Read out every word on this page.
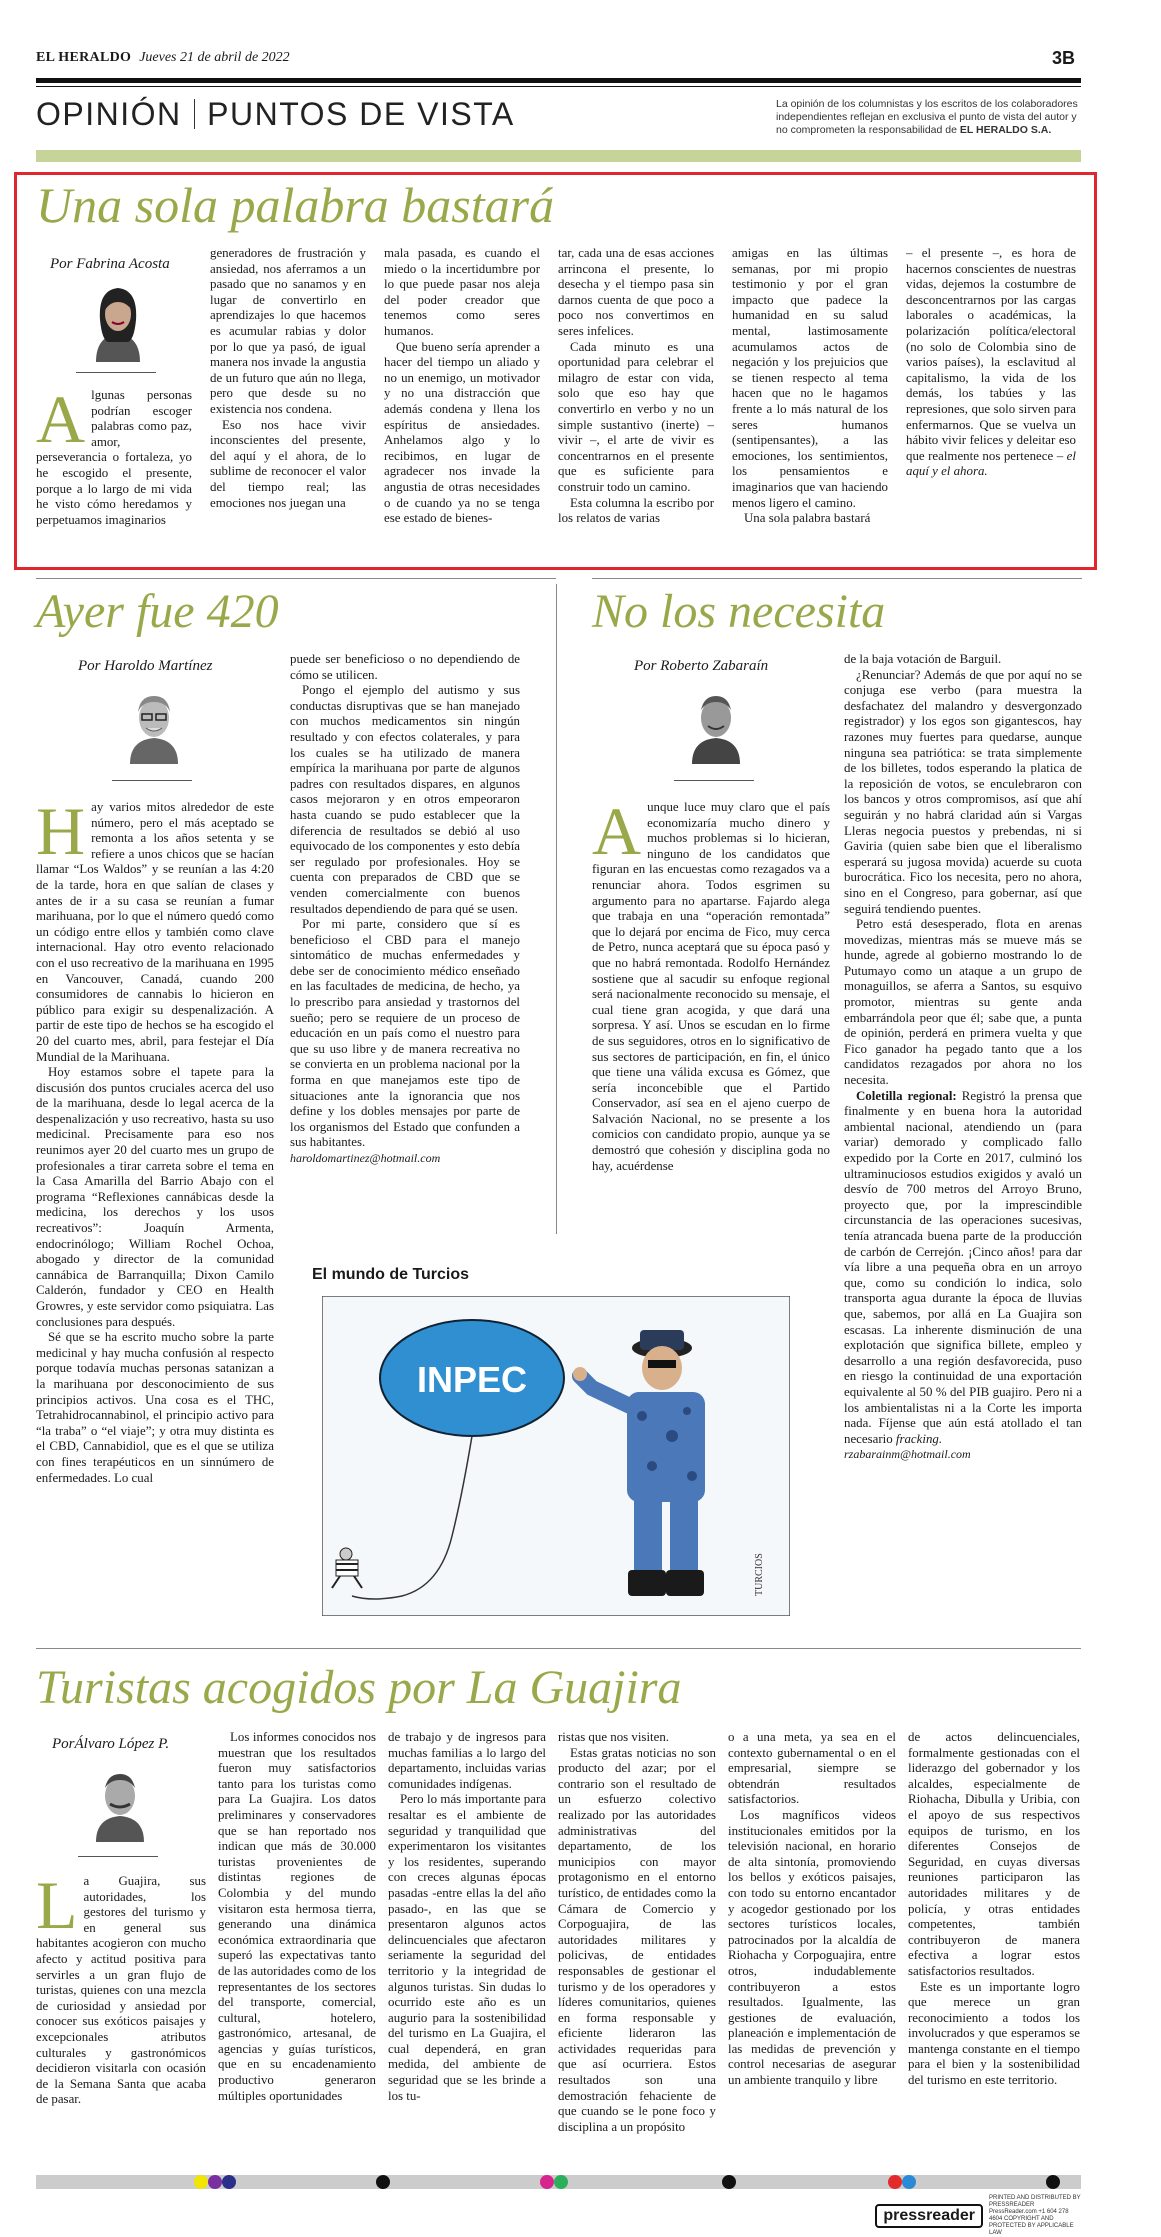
EL HERALDO Jueves 21 de abril de 2022	3B
OPINIÓN PUNTOS DE VISTA	La opinión de los columnistas y los escritos de los colaboradores independientes reflejan en exclusiva el punto de vista del autor y no comprometen la responsabilidad de EL HERALDO S.A.
Una sola palabra bastará
Por Fabrina Acosta

Algunas personas podrían escoger palabras como paz, amor, perseverancia o fortaleza, yo he escogido el presente, porque a lo largo de mi vida he visto cómo heredamos y perpetuamos imaginarios

generadores de frustración y ansiedad, nos aferramos a un pasado que no sanamos y en lugar de convertirlo en aprendizajes lo que hacemos es acumular rabias y dolor por lo que ya pasó, de igual manera nos invade la angustia de un futuro que aún no llega, pero que desde su no existencia nos condena.

Eso nos hace vivir inconscientes del presente, del aquí y el ahora, de lo sublime de reconocer el valor del tiempo real; las emociones nos juegan una

mala pasada, es cuando el miedo o la incertidumbre por lo que puede pasar nos aleja del poder creador que tenemos como seres humanos.

Que bueno sería aprender a hacer del tiempo un aliado y no un enemigo, un motivador y no una distracción que además condena y llena los espíritus de ansiedades. Anhelamos algo y lo recibimos, en lugar de agradecer nos invade la angustia de otras necesidades o de cuando ya no se tenga ese estado de bienes-

tar, cada una de esas acciones arrincona el presente, lo desecha y el tiempo pasa sin darnos cuenta de que poco a poco nos convertimos en seres infelices.

Cada minuto es una oportunidad para celebrar el milagro de estar con vida, solo que eso hay que convertirlo en verbo y no un simple sustantivo (inerte) – vivir –, el arte de vivir es concentrarnos en el presente que es suficiente para construir todo un camino.

Esta columna la escribo por los relatos de varias

amigas en las últimas semanas, por mi propio testimonio y por el gran impacto que padece la humanidad en su salud mental, lastimosamente acumulamos actos de negación y los prejuicios que se tienen respecto al tema hacen que no le hagamos frente a lo más natural de los seres humanos (sentipensantes), a las emociones, los sentimientos, los pensamientos e imaginarios que van haciendo menos ligero el camino.

Una sola palabra bastará

– el presente –, es hora de hacernos conscientes de nuestras vidas, dejemos la costumbre de desconcentrarnos por las cargas laborales o académicas, la polarización política/electoral (no solo de Colombia sino de varios países), la esclavitud al capitalismo, la vida de los demás, los tabúes y las represiones, que solo sirven para enfermarnos. Que se vuelva un hábito vivir felices y deleitar eso que realmente nos pertenece – el aquí y el ahora.

Ayer fue 420
Por Haroldo Martínez

Hay varios mitos alrededor de este número, pero el más aceptado se remonta a los años setenta y se refiere a unos chicos que se hacían llamar “Los Waldos” y se reunían a las 4:20 de la tarde, hora en que salían de clases y antes de ir a su casa se reunían a fumar marihuana, por lo que el número quedó como un código entre ellos y también como clave internacional. Hay otro evento relacionado con el uso recreativo de la marihuana en 1995 en Vancouver, Canadá, cuando 200 consumidores de cannabis lo hicieron en público para exigir su despenalización. A partir de este tipo de hechos se ha escogido el 20 del cuarto mes, abril, para festejar el Día Mundial de la Marihuana.

Hoy estamos sobre el tapete para la discusión dos puntos cruciales acerca del uso de la marihuana, desde lo legal acerca de la despenalización y uso recreativo, hasta su uso medicinal. Precisamente para eso nos reunimos ayer 20 del cuarto mes un grupo de profesionales a tirar carreta sobre el tema en la Casa Amarilla del Barrio Abajo con el programa “Reflexiones cannábicas desde la medicina, los derechos y los usos recreativos”: Joaquín Armenta, endocrinólogo; William Rochel Ochoa, abogado y director de la comunidad cannábica de Barranquilla; Dixon Camilo Calderón, fundador y CEO en Health Growres, y este servidor como psiquiatra. Las conclusiones para después.

Sé que se ha escrito mucho sobre la parte medicinal y hay mucha confusión al respecto porque todavía muchas personas satanizan a la marihuana por desconocimiento de sus principios activos. Una cosa es el THC, Tetrahidrocannabinol, el principio activo para “la traba” o “el viaje”; y otra muy distinta es el CBD, Cannabidiol, que es el que se utiliza con fines terapéuticos en un sinnúmero de enfermedades. Lo cual

puede ser beneficioso o no dependiendo de cómo se utilicen.

Pongo el ejemplo del autismo y sus conductas disruptivas que se han manejado con muchos medicamentos sin ningún resultado y con efectos colaterales, y para los cuales se ha utilizado de manera empírica la marihuana por parte de algunos padres con resultados dispares, en algunos casos mejoraron y en otros empeoraron hasta cuando se pudo establecer que la diferencia de resultados se debió al uso equivocado de los componentes y esto debía ser regulado por profesionales. Hoy se cuenta con preparados de CBD que se venden comercialmente con buenos resultados dependiendo de para qué se usen.

Por mi parte, considero que sí es beneficioso el CBD para el manejo sintomático de muchas enfermedades y debe ser de conocimiento médico enseñado en las facultades de medicina, de hecho, ya lo prescribo para ansiedad y trastornos del sueño; pero se requiere de un proceso de educación en un país como el nuestro para que su uso libre y de manera recreativa no se convierta en un problema nacional por la forma en que manejamos este tipo de situaciones ante la ignorancia que nos define y los dobles mensajes por parte de los organismos del Estado que confunden a sus habitantes.

haroldomartinez@hotmail.com

El mundo de Turcios
INPEC
TURCIOS
No los necesita
Por Roberto Zabaraín

Aunque luce muy claro que el país economizaría mucho dinero y muchos problemas si lo hicieran, ninguno de los candidatos que figuran en las encuestas como rezagados va a renunciar ahora. Todos esgrimen su argumento para no apartarse. Fajardo alega que trabaja en una “operación remontada” que lo dejará por encima de Fico, muy cerca de Petro, nunca aceptará que su época pasó y que no habrá remontada. Rodolfo Hernández sostiene que al sacudir su enfoque regional será nacionalmente reconocido su mensaje, el cual tiene gran acogida, y que dará una sorpresa. Y así. Unos se escudan en lo firme de sus seguidores, otros en lo significativo de sus sectores de participación, en fin, el único que tiene una válida excusa es Gómez, que sería inconcebible que el Partido Conservador, así sea en el ajeno cuerpo de Salvación Nacional, no se presente a los comicios con candidato propio, aunque ya se demostró que cohesión y disciplina goda no hay, acuérdense

de la baja votación de Barguil.

¿Renunciar? Además de que por aquí no se conjuga ese verbo (para muestra la desfachatez del malandro y desvergonzado registrador) y los egos son gigantescos, hay razones muy fuertes para quedarse, aunque ninguna sea patriótica: se trata simplemente de los billetes, todos esperando la platica de la reposición de votos, se enculebraron con los bancos y otros compromisos, así que ahí seguirán y no habrá claridad aún si Vargas Lleras negocia puestos y prebendas, ni si Gaviria (quien sabe bien que el liberalismo esperará su jugosa movida) acuerde su cuota burocrática. Fico los necesita, pero no ahora, sino en el Congreso, para gobernar, así que seguirá tendiendo puentes.

Petro está desesperado, flota en arenas movedizas, mientras más se mueve más se hunde, agrede al gobierno mostrando lo de Putumayo como un ataque a un grupo de monaguillos, se aferra a Santos, su esquivo promotor, mientras su gente anda embarrándola peor que él; sabe que, a punta de opinión, perderá en primera vuelta y que Fico ganador ha pegado tanto que a los candidatos rezagados por ahora no los necesita.

Coletilla regional: Registró la prensa que finalmente y en buena hora la autoridad ambiental nacional, atendiendo un (para variar) demorado y complicado fallo expedido por la Corte en 2017, culminó los ultraminuciosos estudios exigidos y avaló un desvío de 700 metros del Arroyo Bruno, proyecto que, por la imprescindible circunstancia de las operaciones sucesivas, tenía atrancada buena parte de la producción de carbón de Cerrejón. ¡Cinco años! para dar vía libre a una pequeña obra en un arroyo que, como su condición lo indica, solo transporta agua durante la época de lluvias que, sabemos, por allá en La Guajira son escasas. La inherente disminución de una explotación que significa billete, empleo y desarrollo a una región desfavorecida, puso en riesgo la continuidad de una exportación equivalente al 50 % del PIB guajiro. Pero ni a los ambientalistas ni a la Corte les importa nada. Fíjense que aún está atollado el tan necesario fracking.

rzabarainm@hotmail.com

Turistas acogidos por La Guajira
PorÁlvaro López P.

La Guajira, sus autoridades, los gestores del turismo y en general sus habitantes acogieron con mucho afecto y actitud positiva para servirles a un gran flujo de turistas, quienes con una mezcla de curiosidad y ansiedad por conocer sus exóticos paisajes y excepcionales atributos culturales y gastronómicos decidieron visitarla con ocasión de la Semana Santa que acaba de pasar.

Los informes conocidos nos muestran que los resultados fueron muy satisfactorios tanto para los turistas como para La Guajira. Los datos preliminares y conservadores que se han reportado nos indican que más de 30.000 turistas provenientes de distintas regiones de Colombia y del mundo visitaron esta hermosa tierra, generando una dinámica económica extraordinaria que superó las expectativas tanto de las autoridades como de los representantes de los sectores del transporte, comercial, cultural, hotelero, gastronómico, artesanal, de agencias y guías turísticos, que en su encadenamiento productivo generaron múltiples oportunidades

de trabajo y de ingresos para muchas familias a lo largo del departamento, incluidas varias comunidades indígenas.

Pero lo más importante para resaltar es el ambiente de seguridad y tranquilidad que experimentaron los visitantes y los residentes, superando con creces algunas épocas pasadas -entre ellas la del año pasado-, en las que se presentaron algunos actos delincuenciales que afectaron seriamente la seguridad del territorio y la integridad de algunos turistas. Sin dudas lo ocurrido este año es un augurio para la sostenibilidad del turismo en La Guajira, el cual dependerá, en gran medida, del ambiente de seguridad que se les brinde a los tu-

ristas que nos visiten.

Estas gratas noticias no son producto del azar; por el contrario son el resultado de un esfuerzo colectivo realizado por las autoridades administrativas del departamento, de los municipios con mayor protagonismo en el entorno turístico, de entidades como la Cámara de Comercio y Corpoguajira, de las autoridades militares y policivas, de entidades responsables de gestionar el turismo y de los operadores y líderes comunitarios, quienes en forma responsable y eficiente lideraron las actividades requeridas para que así ocurriera. Estos resultados son una demostración fehaciente de que cuando se le pone foco y disciplina a un propósito

o a una meta, ya sea en el contexto gubernamental o en el empresarial, siempre se obtendrán resultados satisfactorios.

Los magníficos videos institucionales emitidos por la televisión nacional, en horario de alta sintonía, promoviendo los bellos y exóticos paisajes, con todo su entorno encantador y acogedor gestionado por los sectores turísticos locales, patrocinados por la alcaldía de Riohacha y Corpoguajira, entre otros, indudablemente contribuyeron a estos resultados. Igualmente, las gestiones de evaluación, planeación e implementación de las medidas de prevención y control necesarias de asegurar un ambiente tranquilo y libre

de actos delincuenciales, formalmente gestionadas con el liderazgo del gobernador y los alcaldes, especialmente de Riohacha, Dibulla y Uribia, con el apoyo de sus respectivos equipos de turismo, en los diferentes Consejos de Seguridad, en cuyas diversas reuniones participaron las autoridades militares y de policía, y otras entidades competentes, también contribuyeron de manera efectiva a lograr estos satisfactorios resultados.

Este es un importante logro que merece un gran reconocimiento a todos los involucrados y que esperamos se mantenga constante en el tiempo para el bien y la sostenibilidad del turismo en este territorio.

pressreader
PRINTED AND DISTRIBUTED BY PRESSREADER PressReader.com +1 604 278 4604 COPYRIGHT AND PROTECTED BY APPLICABLE LAW
